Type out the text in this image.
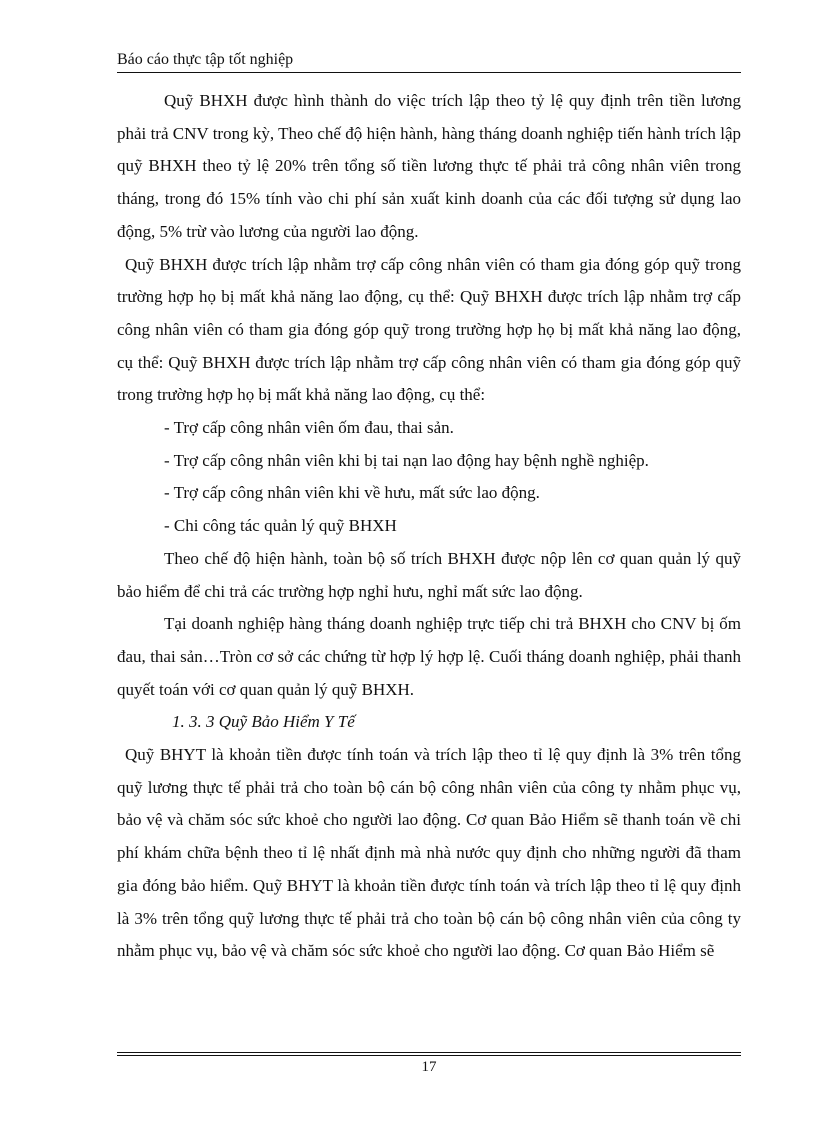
Báo cáo thực tập tốt nghiệp

Quỹ BHXH được hình thành do việc trích lập theo tỷ lệ quy định trên tiền lương phải trả CNV trong kỳ, Theo chế độ hiện hành, hàng tháng doanh nghiệp tiến hành trích lập quỹ BHXH theo tỷ lệ 20% trên tổng số tiền lương thực tế phải trả công nhân viên trong tháng, trong đó 15% tính vào chi phí sản xuất kinh doanh của các đối tượng sử dụng lao động, 5% trừ vào lương của người lao động.

Quỹ BHXH được trích lập nhằm trợ cấp công nhân viên có tham gia đóng góp quỹ trong trường hợp họ bị mất khả năng lao động, cụ thể: Quỹ BHXH được trích lập nhằm trợ cấp công nhân viên có tham gia đóng góp quỹ trong trường hợp họ bị mất khả năng lao động, cụ thể: Quỹ BHXH được trích lập nhằm trợ cấp công nhân viên có tham gia đóng góp quỹ trong trường hợp họ bị mất khả năng lao động, cụ thể:

- Trợ cấp công nhân viên ốm đau, thai sản.

- Trợ cấp công nhân viên khi bị tai nạn lao động hay bệnh nghề nghiệp.

- Trợ cấp công nhân viên khi về hưu, mất sức lao động.

- Chi công tác quản lý quỹ BHXH

Theo chế độ hiện hành, toàn bộ số trích BHXH được nộp lên cơ quan quản lý quỹ bảo hiểm để chi trả các trường hợp nghỉ hưu, nghỉ mất sức lao động.

Tại doanh nghiệp hàng tháng doanh nghiệp trực tiếp chi trả BHXH cho CNV bị ốm đau, thai sản…Tròn cơ sở các chứng từ hợp lý hợp lệ. Cuối tháng doanh nghiệp, phải thanh quyết toán với cơ quan quản lý quỹ BHXH.

1. 3. 3 Quỹ Bảo Hiểm Y Tế

Quỹ BHYT là khoản tiền được tính toán và trích lập theo tỉ lệ quy định là 3% trên tổng quỹ lương thực tế phải trả cho toàn bộ cán bộ công nhân viên của công ty nhằm phục vụ, bảo vệ và chăm sóc sức khoẻ cho người lao động. Cơ quan Bảo Hiểm sẽ thanh toán về chi phí khám chữa bệnh theo tỉ lệ nhất định mà nhà nước quy định cho những người đã tham gia đóng bảo hiểm. Quỹ BHYT là khoản tiền được tính toán và trích lập theo tỉ lệ quy định là 3% trên tổng quỹ lương thực tế phải trả cho toàn bộ cán bộ công nhân viên của công ty nhằm phục vụ, bảo vệ và chăm sóc sức khoẻ cho người lao động. Cơ quan Bảo Hiểm sẽ

17
